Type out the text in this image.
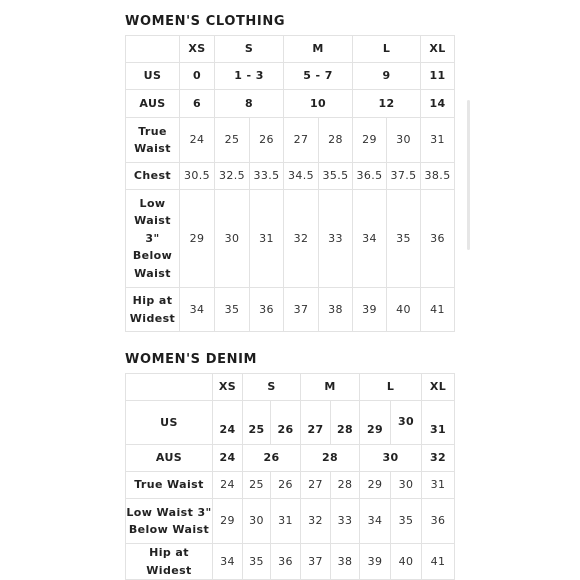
WOMEN'S CLOTHING
	XS	S		M		L		XL
US	0	1 - 3		5 - 7		9		11
AUS	6	8		10		12		14

True
Waist	24	25	26	27	28	29	30	31
Chest	30.5	32.5	33.5	34.5	35.5	36.5	37.5	38.5

Low
Waist
3"
Below
Waist	29	30	31	32	33	34	35	36

Hip at
Widest	34	35	36	37	38	39	40	41
WOMEN'S DENIM
	XS	S		M		L		XL
US	24	25	26	27	28	29	30	31
AUS	24	26		28		30		32
True Waist	24	25	26	27	28	29	30	31

Low Waist 3"
Below Waist	29	30	31	32	33	34	35	36
Hip at Widest	34	35	36	37	38	39	40	41
